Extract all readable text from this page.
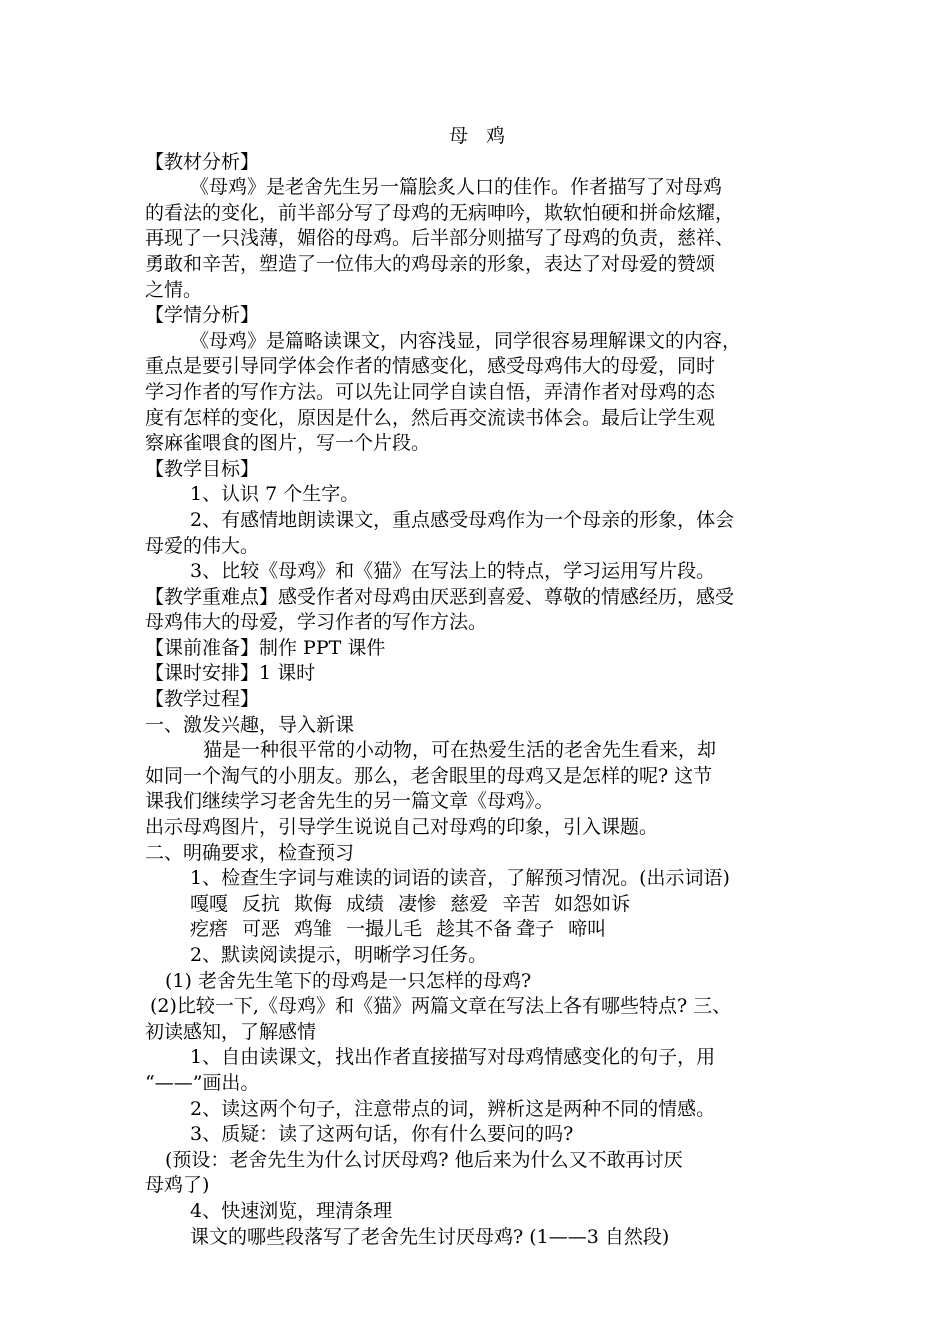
母 鸡

【教材分析】

《母鸡》是老舍先生另一篇脍炙人口的佳作。作者描写了对母鸡

的看法的变化，前半部分写了母鸡的无病呻吟，欺软怕硬和拼命炫耀，

再现了一只浅薄，媚俗的母鸡。后半部分则描写了母鸡的负责，慈祥、

勇敢和辛苦，塑造了一位伟大的鸡母亲的形象，表达了对母爱的赞颂

之情。

【学情分析】

《母鸡》是篇略读课文，内容浅显，同学很容易理解课文的内容，

重点是要引导同学体会作者的情感变化，感受母鸡伟大的母爱，同时

学习作者的写作方法。可以先让同学自读自悟，弄清作者对母鸡的态

度有怎样的变化，原因是什么，然后再交流读书体会。最后让学生观

察麻雀喂食的图片，写一个片段。

【教学目标】

1、认识 7 个生字。

2、有感情地朗读课文，重点感受母鸡作为一个母亲的形象，体会

母爱的伟大。

3、比较《母鸡》和《猫》在写法上的特点，学习运用写片段。

【教学重难点】感受作者对母鸡由厌恶到喜爱、尊敬的情感经历，感受

母鸡伟大的母爱，学习作者的写作方法。

【课前准备】制作 PPT 课件

【课时安排】1 课时

【教学过程】

一、激发兴趣，导入新课

猫是一种很平常的小动物，可在热爱生活的老舍先生看来，却

如同一个淘气的小朋友。那么，老舍眼里的母鸡又是怎样的呢? 这节

课我们继续学习老舍先生的另一篇文章《母鸡》。

出示母鸡图片，引导学生说说自己对母鸡的印象，引入课题。

二、明确要求，检查预习

1、检查生字词与难读的词语的读音，了解预习情况。(出示词语)

嘎嘎 反抗 欺侮 成绩 凄惨 慈爱 辛苦 如怨如诉

疙瘩 可恶 鸡雏 一撮儿毛 趁其不备 聋子 啼叫

2、默读阅读提示，明晰学习任务。

(1) 老舍先生笔下的母鸡是一只怎样的母鸡?

(2)比较一下,《母鸡》和《猫》两篇文章在写法上各有哪些特点? 三、

初读感知，了解感情

1、自由读课文，找出作者直接描写对母鸡情感变化的句子，用

“——”画出。

2、读这两个句子，注意带点的词，辨析这是两种不同的情感。

3、质疑：读了这两句话，你有什么要问的吗?

(预设：老舍先生为什么讨厌母鸡? 他后来为什么又不敢再讨厌

母鸡了)

4、快速浏览，理清条理

课文的哪些段落写了老舍先生讨厌母鸡? (1——3 自然段)
